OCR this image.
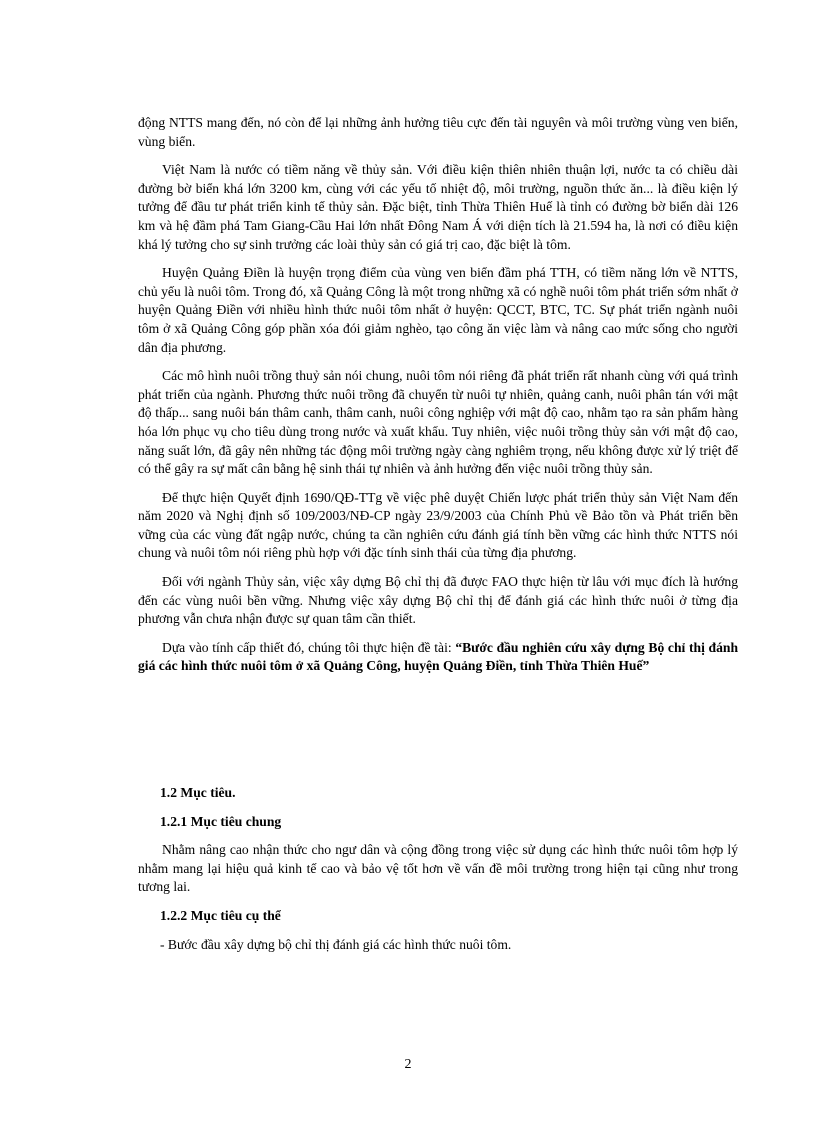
động NTTS mang đến, nó còn để lại những ảnh hưởng tiêu cực đến tài nguyên và môi trường vùng ven biển, vùng biển.

Việt Nam là nước có tiềm năng về thủy sản. Với điều kiện thiên nhiên thuận lợi, nước ta có chiều dài đường bờ biển khá lớn 3200 km, cùng với các yếu tố nhiệt độ, môi trường, nguồn thức ăn... là điều kiện lý tưởng để đầu tư phát triển kinh tế thủy sản. Đặc biệt, tỉnh Thừa Thiên Huế là tỉnh có đường bờ biển dài 126 km và hệ đầm phá Tam Giang-Cầu Hai lớn nhất Đông Nam Á với diện tích là 21.594 ha, là nơi có điều kiện khá lý tưởng cho sự sinh trưởng các loài thủy sản có giá trị cao, đặc biệt là tôm.

Huyện Quảng Điền là huyện trọng điểm của vùng ven biển đầm phá TTH, có tiềm năng lớn về NTTS, chủ yếu là nuôi tôm. Trong đó, xã Quảng Công là một trong những xã có nghề nuôi tôm phát triển sớm nhất ở huyện Quảng Điền với nhiều hình thức nuôi tôm nhất ở huyện: QCCT, BTC, TC. Sự phát triển ngành nuôi tôm ở xã Quảng Công góp phần xóa đói giảm nghèo, tạo công ăn việc làm và nâng cao mức sống cho người dân địa phương.

Các mô hình nuôi trồng thuỷ sản nói chung, nuôi tôm nói riêng đã phát triển rất nhanh cùng với quá trình phát triển của ngành. Phương thức nuôi trồng đã chuyển từ nuôi tự nhiên, quảng canh, nuôi phân tán với mật độ thấp... sang nuôi bán thâm canh, thâm canh, nuôi công nghiệp với mật độ cao, nhằm tạo ra sản phẩm hàng hóa lớn phục vụ cho tiêu dùng trong nước và xuất khẩu. Tuy nhiên, việc nuôi trồng thủy sản với mật độ cao, năng suất lớn, đã gây nên những tác động môi trường ngày càng nghiêm trọng, nếu không được xử lý triệt để có thể gây ra sự mất cân bằng hệ sinh thái tự nhiên và ảnh hưởng đến việc nuôi trồng thủy sản.

Để thực hiện Quyết định 1690/QĐ-TTg về việc phê duyệt Chiến lược phát triển thủy sản Việt Nam đến năm 2020 và Nghị định số 109/2003/NĐ-CP ngày 23/9/2003 của Chính Phủ về Bảo tồn và Phát triển bền vững của các vùng đất ngập nước, chúng ta cần nghiên cứu đánh giá tính bền vững các hình thức NTTS nói chung và nuôi tôm nói riêng phù hợp với đặc tính sinh thái của từng địa phương.

Đối với ngành Thủy sản, việc xây dựng Bộ chỉ thị đã được FAO thực hiện từ lâu với mục đích là hướng đến các vùng nuôi bền vững. Nhưng việc xây dựng Bộ chỉ thị để đánh giá các hình thức nuôi ở từng địa phương vẫn chưa nhận được sự quan tâm cần thiết.

Dựa vào tính cấp thiết đó, chúng tôi thực hiện đề tài: “Bước đầu nghiên cứu xây dựng Bộ chỉ thị đánh giá các hình thức nuôi tôm ở xã Quảng Công, huyện Quảng Điền, tỉnh Thừa Thiên Huế”

1.2 Mục tiêu.
1.2.1 Mục tiêu chung

Nhằm nâng cao nhận thức cho ngư dân và cộng đồng trong việc sử dụng các hình thức nuôi tôm hợp lý nhằm mang lại hiệu quả kinh tế cao và bảo vệ tốt hơn về vấn đề môi trường trong hiện tại cũng như trong tương lai.

1.2.2 Mục tiêu cụ thể

- Bước đầu xây dựng bộ chỉ thị đánh giá các hình thức nuôi tôm.

2
